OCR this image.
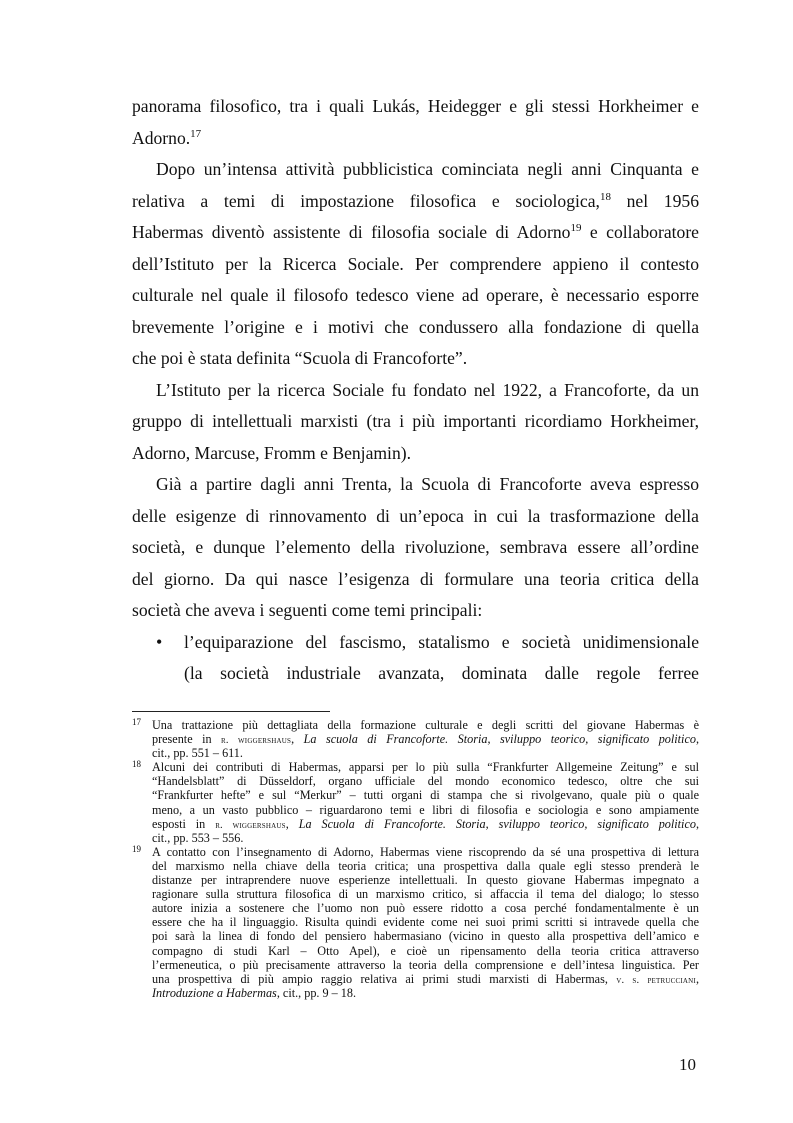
panorama filosofico, tra i quali Lukás, Heidegger e gli stessi Horkheimer e
Adorno.$^{17}$
Dopo un’intensa attività pubblicistica cominciata negli anni Cinquanta e
relativa a temi di impostazione filosofica e sociologica,$^{18}$ nel 1956
Habermas diventò assistente di filosofia sociale di Adorno$^{19}$ e collaboratore
dell’Istituto per la Ricerca Sociale. Per comprendere appieno il contesto
culturale nel quale il filosofo tedesco viene ad operare, è necessario esporre
brevemente l’origine e i motivi che condussero alla fondazione di quella
che poi è stata definita “Scuola di Francoforte”.
L’Istituto per la ricerca Sociale fu fondato nel 1922, a Francoforte, da un
gruppo di intellettuali marxisti (tra i più importanti ricordiamo Horkheimer,
Adorno, Marcuse, Fromm e Benjamin).
Già a partire dagli anni Trenta, la Scuola di Francoforte aveva espresso
delle esigenze di rinnovamento di un’epoca in cui la trasformazione della
società, e dunque l’elemento della rivoluzione, sembrava essere all’ordine
del giorno. Da qui nasce l’esigenza di formulare una teoria critica della
società che aveva i seguenti come temi principali:
• l’equiparazione del fascismo, statalismo e società unidimensionale
(la società industriale avanzata, dominata dalle regole ferree
17 Una trattazione più dettagliata della formazione culturale e degli scritti del giovane Habermas è
presente in r. wiggershaus, La scuola di Francoforte. Storia, sviluppo teorico, significato politico,
cit., pp. 551 – 611.
18 Alcuni dei contributi di Habermas, apparsi per lo più sulla “Frankfurter Allgemeine Zeitung” e sul
“Handelsblatt” di Düsseldorf, organo ufficiale del mondo economico tedesco, oltre che sui
“Frankfurter hefte” e sul “Merkur” – tutti organi di stampa che si rivolgevano, quale più o quale
meno, a un vasto pubblico – riguardarono temi e libri di filosofia e sociologia e sono ampiamente
esposti in r. wiggershaus, La Scuola di Francoforte. Storia, sviluppo teorico, significato politico,
cit., pp. 553 – 556.
19 A contatto con l’insegnamento di Adorno, Habermas viene riscoprendo da sé una prospettiva di lettura
del marxismo nella chiave della teoria critica; una prospettiva dalla quale egli stesso prenderà le
distanze per intraprendere nuove esperienze intellettuali. In questo giovane Habermas impegnato a
ragionare sulla struttura filosofica di un marxismo critico, si affaccia il tema del dialogo; lo stesso
autore inizia a sostenere che l’uomo non può essere ridotto a cosa perché fondamentalmente è un
essere che ha il linguaggio. Risulta quindi evidente come nei suoi primi scritti si intravede quella che
poi sarà la linea di fondo del pensiero habermasiano (vicino in questo alla prospettiva dell’amico e
compagno di studi Karl – Otto Apel), e cioè un ripensamento della teoria critica attraverso
l’ermeneutica, o più precisamente attraverso la teoria della comprensione e dell’intesa linguistica. Per
una prospettiva di più ampio raggio relativa ai primi studi marxisti di Habermas, v. s. petrucciani,
Introduzione a Habermas, cit., pp. 9 – 18.
10
